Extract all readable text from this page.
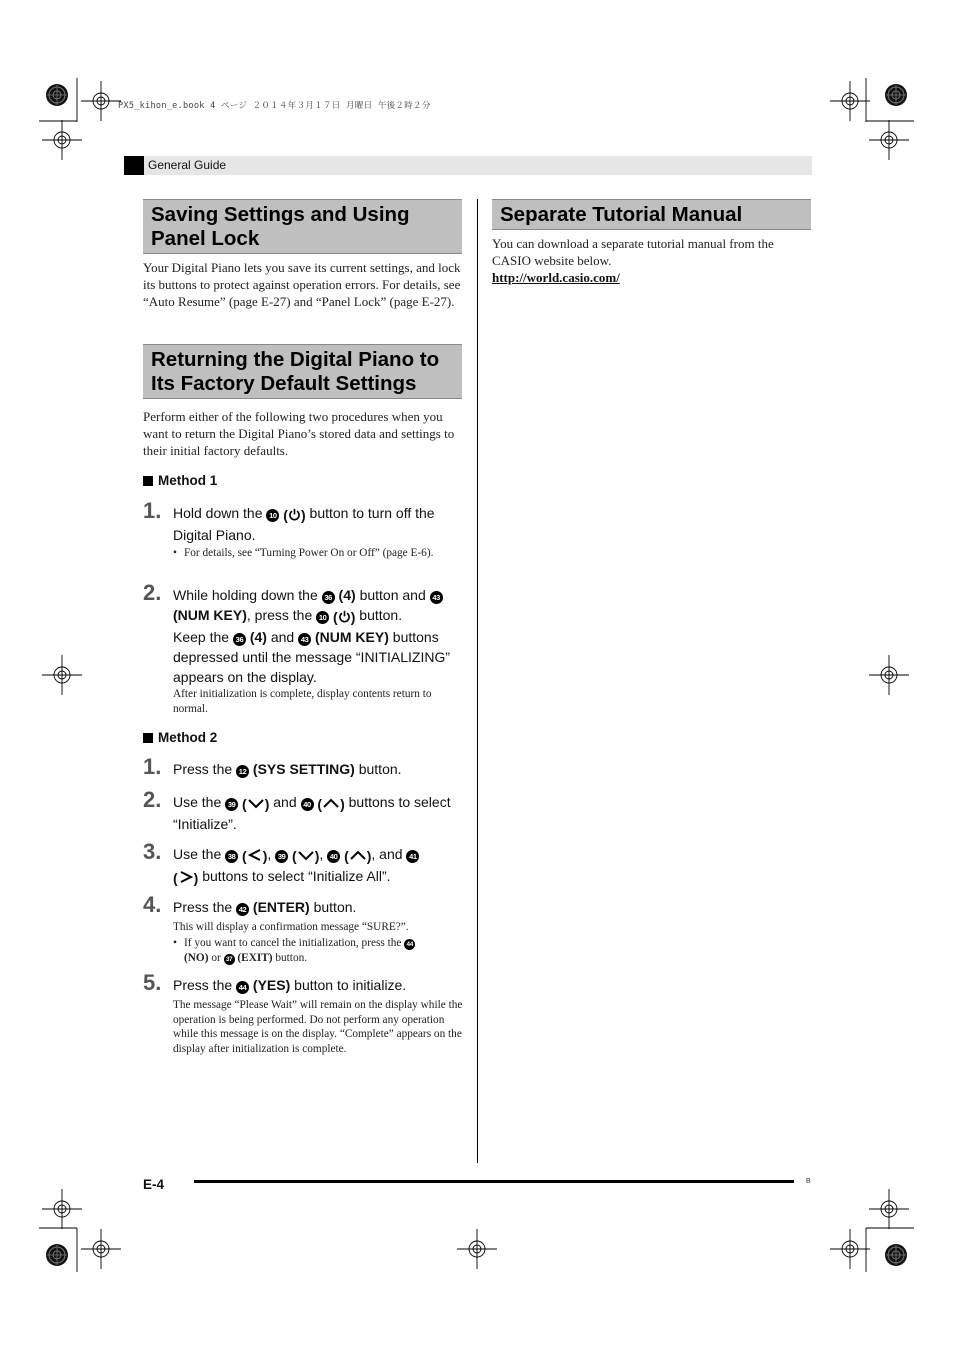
PX5_kihon_e.book 4 ページ ２０１４年３月１７日 月曜日 午後２時２分
General Guide
Saving Settings and Using
Panel Lock
Your Digital Piano lets you save its current settings, and lock its buttons to protect against operation errors. For details, see “Auto Resume” (page E-27) and “Panel Lock” (page E-27).
Returning the Digital Piano to
Its Factory Default Settings
Perform either of the following two procedures when you want to return the Digital Piano’s stored data and settings to their initial factory defaults.
Method 1
1. Hold down the 10 ( ) button to turn off the Digital Piano.
• For details, see “Turning Power On or Off” (page E-6).
2. While holding down the 36 (4) button and 43 (NUM KEY), press the 10 ( ) button.
Keep the 36 (4) and 43 (NUM KEY) buttons depressed until the message “INITIALIZING” appears on the display.
After initialization is complete, display contents return to normal.
Method 2
1. Press the 12 (SYS SETTING) button.
2. Use the 39 ( ) and 40 ( ) buttons to select “Initialize”.
3. Use the 38 ( ), 39 ( ), 40 ( ), and 41
( ) buttons to select “Initialize All”.
4. Press the 42 (ENTER) button.
This will display a confirmation message “SURE?”.
• If you want to cancel the initialization, press the 44
(NO) or 37 (EXIT) button.
5. Press the 44 (YES) button to initialize.
The message “Please Wait” will remain on the display while the operation is being performed. Do not perform any operation while this message is on the display. “Complete” appears on the display after initialization is complete.
Separate Tutorial Manual
You can download a separate tutorial manual from the CASIO website below.
http://world.casio.com/
E-4	B
